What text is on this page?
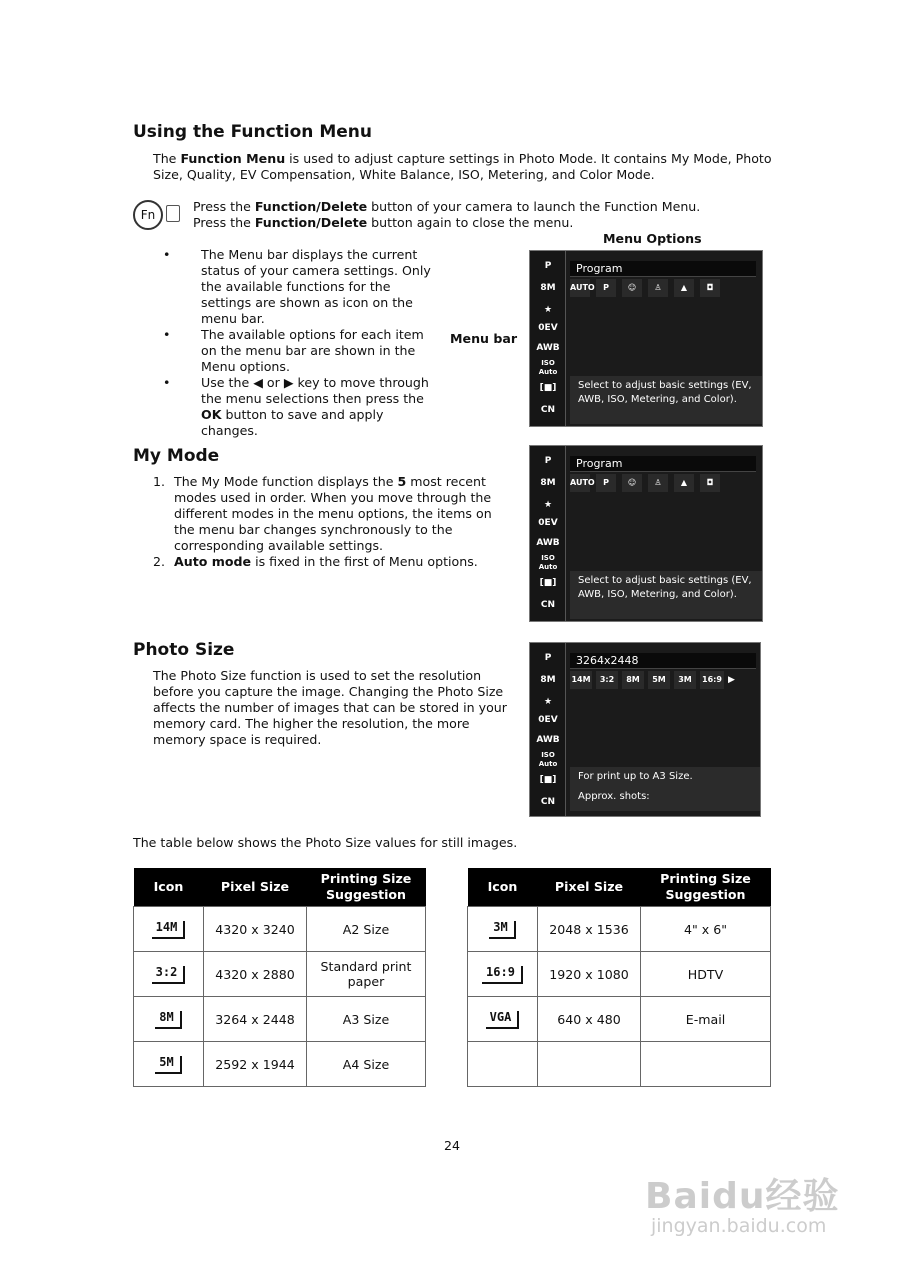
Using the Function Menu
The Function Menu is used to adjust capture settings in Photo Mode. It contains My Mode, Photo Size, Quality, EV Compensation, White Balance, ISO, Metering, and Color Mode.
Fn
Press the Function/Delete button of your camera to launch the Function Menu.
Press the Function/Delete button again to close the menu.
Menu Options
•	The Menu bar displays the current status of your camera settings. Only the available functions for the settings are shown as icon on the menu bar.
•	The available options for each item on the menu bar are shown in the Menu options.
•	Use the ◀ or ▶ key to move through the menu selections then press the OK button to save and apply changes.
Menu bar
P
8M
★
0EV
AWB
ISO Auto
[■]
CN
Program
AUTO	P	☺	♙	▲	◘
Select to adjust basic settings (EV, AWB, ISO, Metering, and Color).
My Mode
1. The My Mode function displays the 5 most recent modes used in order. When you move through the different modes in the menu options, the items on the menu bar changes synchronously to the corresponding available settings.
2. Auto mode is fixed in the first of Menu options.
P
8M
★
0EV
AWB
ISO Auto
[■]
CN
Program
AUTO	P	☺	♙	▲	◘
Select to adjust basic settings (EV, AWB, ISO, Metering, and Color).
Photo Size
The Photo Size function is used to set the resolution before you capture the image. Changing the Photo Size affects the number of images that can be stored in your memory card. The higher the resolution, the more memory space is required.
P
8M
★
0EV
AWB
ISO Auto
[■]
CN
3264x2448
14M	3:2	8M	5M	3M	16:9 ▶
For print up to A3 Size.
Approx. shots:
The table below shows the Photo Size values for still images.
Icon	Pixel Size	Printing Size Suggestion
14M	4320 x 3240	A2 Size
3:2	4320 x 2880	Standard print paper
8M	3264 x 2448	A3 Size
5M	2592 x 1944	A4 Size
Icon	Pixel Size	Printing Size Suggestion
3M	2048 x 1536	4" x 6"
16:9	1920 x 1080	HDTV
VGA	640 x 480	E-mail

24
Baidu经验
jingyan.baidu.com
